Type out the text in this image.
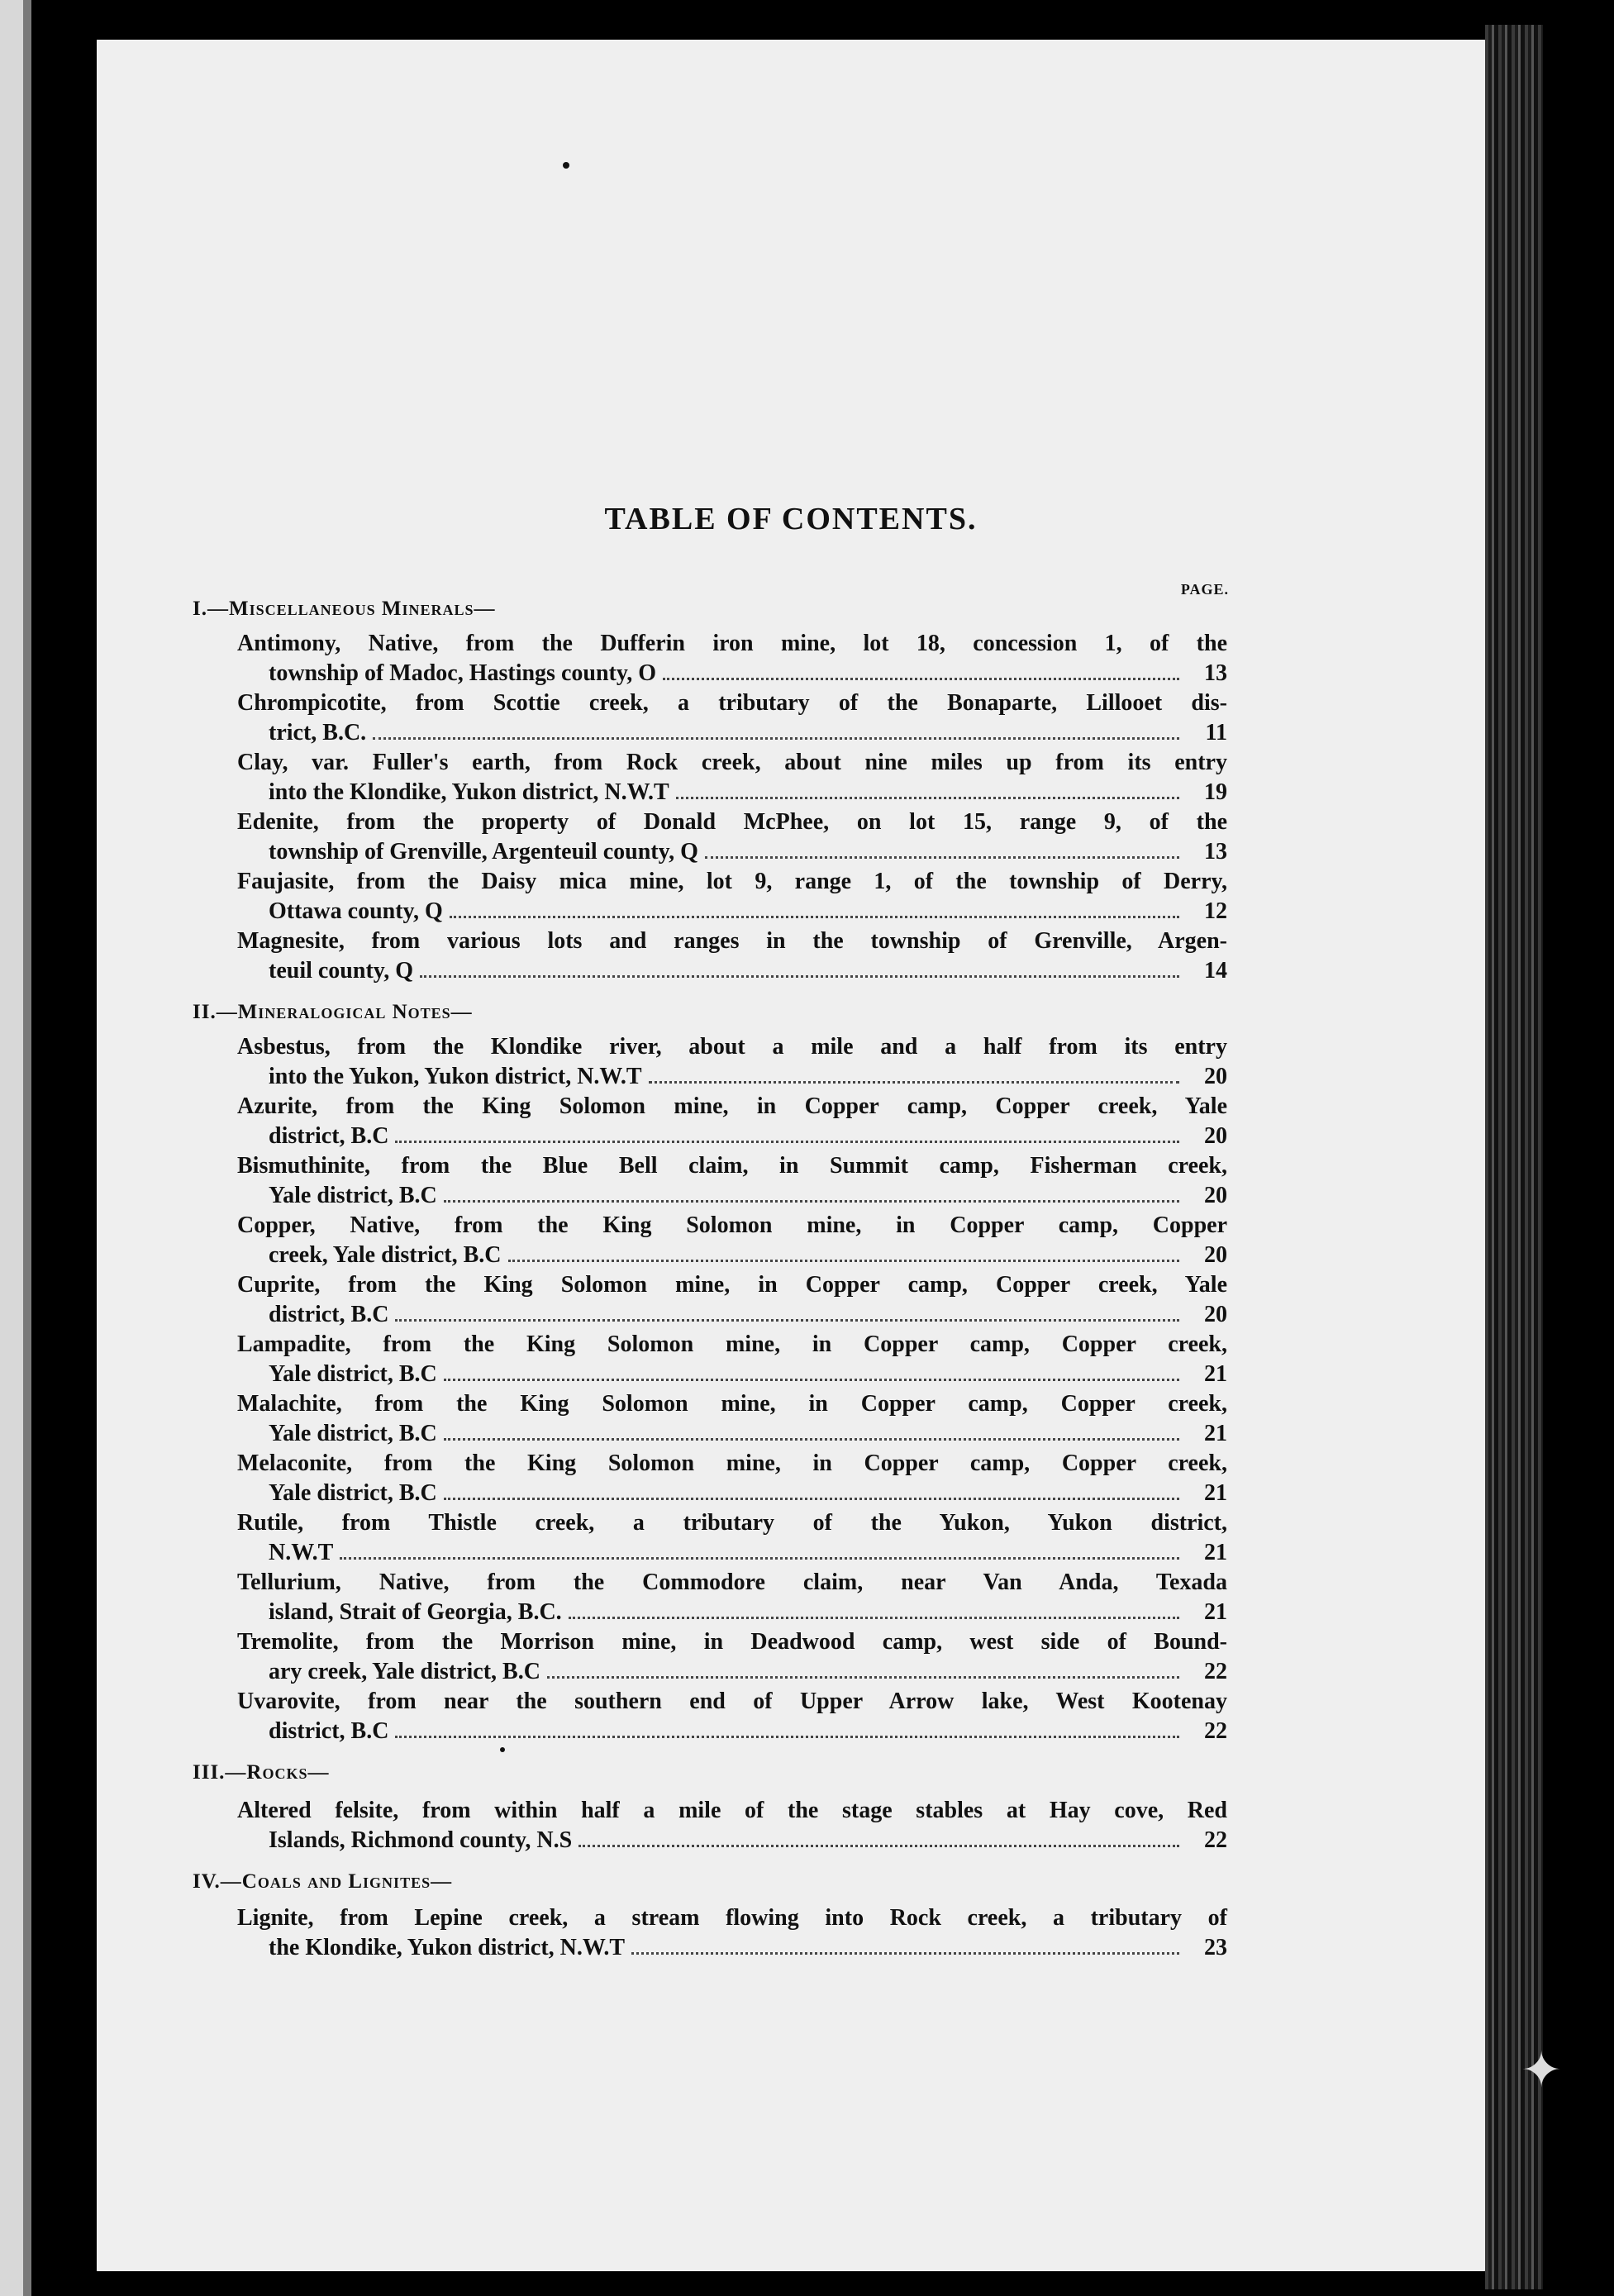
✦
TABLE OF CONTENTS.
PAGE.
I.—Miscellaneous Minerals—
Antimony, Native, from the Dufferin iron mine, lot 18, concession 1, of the
township of Madoc, Hastings county, O	13
Chrompicotite, from Scottie creek, a tributary of the Bonaparte, Lillooet dis-
trict, B.C.	11
Clay, var. Fuller's earth, from Rock creek, about nine miles up from its entry
into the Klondike, Yukon district, N.W.T	19
Edenite, from the property of Donald McPhee, on lot 15, range 9, of the
township of Grenville, Argenteuil county, Q	13
Faujasite, from the Daisy mica mine, lot 9, range 1, of the township of Derry,
Ottawa county, Q	12
Magnesite, from various lots and ranges in the township of Grenville, Argen-
teuil county, Q	14
II.—Mineralogical Notes—
Asbestus, from the Klondike river, about a mile and a half from its entry
into the Yukon, Yukon district, N.W.T	20
Azurite, from the King Solomon mine, in Copper camp, Copper creek, Yale
district, B.C	20
Bismuthinite, from the Blue Bell claim, in Summit camp, Fisherman creek,
Yale district, B.C	20
Copper, Native, from the King Solomon mine, in Copper camp, Copper
creek, Yale district, B.C	20
Cuprite, from the King Solomon mine, in Copper camp, Copper creek, Yale
district, B.C	20
Lampadite, from the King Solomon mine, in Copper camp, Copper creek,
Yale district, B.C	21
Malachite, from the King Solomon mine, in Copper camp, Copper creek,
Yale district, B.C	21
Melaconite, from the King Solomon mine, in Copper camp, Copper creek,
Yale district, B.C	21
Rutile, from Thistle creek, a tributary of the Yukon, Yukon district,
N.W.T	21
Tellurium, Native, from the Commodore claim, near Van Anda, Texada
island, Strait of Georgia, B.C.	21
Tremolite, from the Morrison mine, in Deadwood camp, west side of Bound-
ary creek, Yale district, B.C	22
Uvarovite, from near the southern end of Upper Arrow lake, West Kootenay
district, B.C	22
III.—Rocks—
Altered felsite, from within half a mile of the stage stables at Hay cove, Red
Islands, Richmond county, N.S	22
IV.—Coals and Lignites—
Lignite, from Lepine creek, a stream flowing into Rock creek, a tributary of
the Klondike, Yukon district, N.W.T	23
